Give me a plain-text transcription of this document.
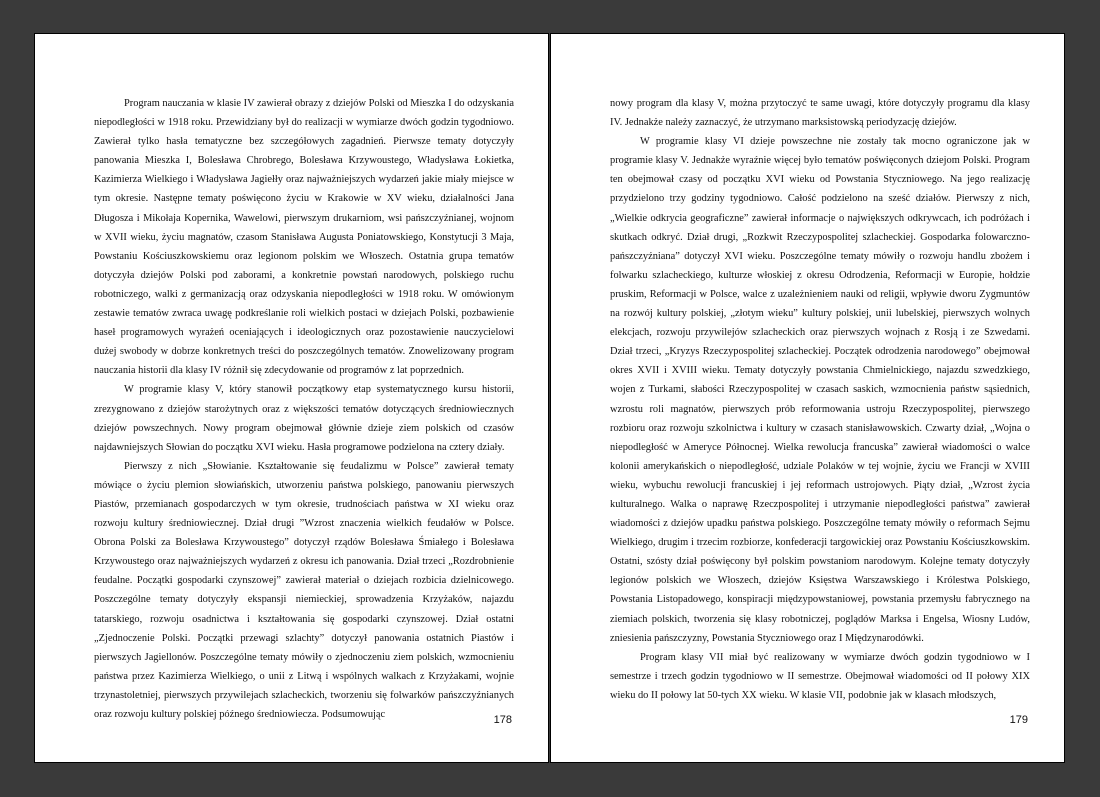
Program nauczania w klasie IV zawierał obrazy z dziejów Polski od Mieszka I do odzyskania niepodległości w 1918 roku. Przewidziany był do realizacji w wymiarze dwóch godzin tygodniowo. Zawierał tylko hasła tematyczne bez szczegółowych zagadnień. Pierwsze tematy dotyczyły panowania Mieszka I, Bolesława Chrobrego, Bolesława Krzywoustego, Władysława Łokietka, Kazimierza Wielkiego i Władysława Jagiełły oraz najważniejszych wydarzeń jakie miały miejsce w tym okresie. Następne tematy poświęcono życiu w Krakowie w XV wieku, działalności Jana Długosza i Mikołaja Kopernika, Wawelowi, pierwszym drukarniom, wsi pańszczyźnianej, wojnom w XVII wieku, życiu magnatów, czasom Stanisława Augusta Poniatowskiego, Konstytucji 3 Maja, Powstaniu Kościuszkowskiemu oraz legionom polskim we Włoszech. Ostatnia grupa tematów dotyczyła dziejów Polski pod zaborami, a konkretnie powstań narodowych, polskiego ruchu robotniczego, walki z germanizacją oraz odzyskania niepodległości w 1918 roku. W omówionym zestawie tematów zwraca uwagę podkreślanie roli wielkich postaci w dziejach Polski, pozbawienie haseł programowych wyrażeń oceniających i ideologicznych oraz pozostawienie nauczycielowi dużej swobody w dobrze konkretnych treści do poszczególnych tematów. Znowelizowany program nauczania historii dla klasy IV różnił się zdecydowanie od programów z lat poprzednich.

W programie klasy V, który stanowił początkowy etap systematycznego kursu historii, zrezygnowano z dziejów starożytnych oraz z większości tematów dotyczących średniowiecznych dziejów powszechnych. Nowy program obejmował głównie dzieje ziem polskich od czasów najdawniejszych Słowian do początku XVI wieku. Hasła programowe podzielona na cztery działy.

Pierwszy z nich „Słowianie. Kształtowanie się feudalizmu w Polsce” zawierał tematy mówiące o życiu plemion słowiańskich, utworzeniu państwa polskiego, panowaniu pierwszych Piastów, przemianach gospodarczych w tym okresie, trudnościach państwa w XI wieku oraz rozwoju kultury średniowiecznej. Dział drugi ”Wzrost znaczenia wielkich feudałów w Polsce. Obrona Polski za Bolesława Krzywoustego” dotyczył rządów Bolesława Śmiałego i Bolesława Krzywoustego oraz najważniejszych wydarzeń z okresu ich panowania. Dział trzeci „Rozdrobnienie feudalne. Początki gospodarki czynszowej” zawierał materiał o dziejach rozbicia dzielnicowego. Poszczególne tematy dotyczyły ekspansji niemieckiej, sprowadzenia Krzyżaków, najazdu tatarskiego, rozwoju osadnictwa i kształtowania się gospodarki czynszowej. Dział ostatni „Zjednoczenie Polski. Początki przewagi szlachty” dotyczył panowania ostatnich Piastów i pierwszych Jagiellonów. Poszczególne tematy mówiły o zjednoczeniu ziem polskich, wzmocnieniu państwa przez Kazimierza Wielkiego, o unii z Litwą i wspólnych walkach z Krzyżakami, wojnie trzynastoletniej, pierwszych przywilejach szlacheckich, tworzeniu się folwarków pańszczyźnianych oraz rozwoju kultury polskiej późnego średniowiecza. Podsumowując	178

nowy program dla klasy V, można przytoczyć te same uwagi, które dotyczyły programu dla klasy IV. Jednakże należy zaznaczyć, że utrzymano marksistowską periodyzację dziejów.

W programie klasy VI dzieje powszechne nie zostały tak mocno ograniczone jak w programie klasy V. Jednakże wyraźnie więcej było tematów poświęconych dziejom Polski. Program ten obejmował czasy od początku XVI wieku od Powstania Styczniowego. Na jego realizację przydzielono trzy godziny tygodniowo. Całość podzielono na sześć działów. Pierwszy z nich, „Wielkie odkrycia geograficzne” zawierał informacje o największych odkrywcach, ich podróżach i skutkach odkryć. Dział drugi, „Rozkwit Rzeczypospolitej szlacheckiej. Gospodarka folowarczno-pańszczyźniana” dotyczył XVI wieku. Poszczególne tematy mówiły o rozwoju handlu zbożem i folwarku szlacheckiego, kulturze włoskiej z okresu Odrodzenia, Reformacji w Europie, hołdzie pruskim, Reformacji w Polsce, walce z uzależnieniem nauki od religii, wpływie dworu Zygmuntów na rozwój kultury polskiej, „złotym wieku” kultury polskiej, unii lubelskiej, pierwszych wolnych elekcjach, rozwoju przywilejów szlacheckich oraz pierwszych wojnach z Rosją i ze Szwedami. Dział trzeci, „Kryzys Rzeczypospolitej szlacheckiej. Początek odrodzenia narodowego” obejmował okres XVII i XVIII wieku. Tematy dotyczyły powstania Chmielnickiego, najazdu szwedzkiego, wojen z Turkami, słabości Rzeczypospolitej w czasach saskich, wzmocnienia państw sąsiednich, wzrostu roli magnatów, pierwszych prób reformowania ustroju Rzeczypospolitej, pierwszego rozbioru oraz rozwoju szkolnictwa i kultury w czasach stanisławowskich. Czwarty dział, „Wojna o niepodległość w Ameryce Północnej. Wielka rewolucja francuska” zawierał wiadomości o walce kolonii amerykańskich o niepodległość, udziale Polaków w tej wojnie, życiu we Francji w XVIII wieku, wybuchu rewolucji francuskiej i jej reformach ustrojowych. Piąty dział, „Wzrost życia kulturalnego. Walka o naprawę Rzeczpospolitej i utrzymanie niepodległości państwa” zawierał wiadomości z dziejów upadku państwa polskiego. Poszczególne tematy mówiły o reformach Sejmu Wielkiego, drugim i trzecim rozbiorze, konfederacji targowickiej oraz Powstaniu Kościuszkowskim. Ostatni, szósty dział poświęcony był polskim powstaniom narodowym. Kolejne tematy dotyczyły legionów polskich we Włoszech, dziejów Księstwa Warszawskiego i Królestwa Polskiego, Powstania Listopadowego, konspiracji międzypowstaniowej, powstania przemysłu fabrycznego na ziemiach polskich, tworzenia się klasy robotniczej, poglądów Marksa i Engelsa, Wiosny Ludów, zniesienia pańszczyzny, Powstania Styczniowego oraz I Międzynarodówki.

Program klasy VII miał być realizowany w wymiarze dwóch godzin tygodniowo w I semestrze i trzech godzin tygodniowo w II semestrze. Obejmował wiadomości od II połowy XIX wieku do II połowy lat 50-tych XX wieku. W klasie VII, podobnie jak w klasach młodszych,

179
